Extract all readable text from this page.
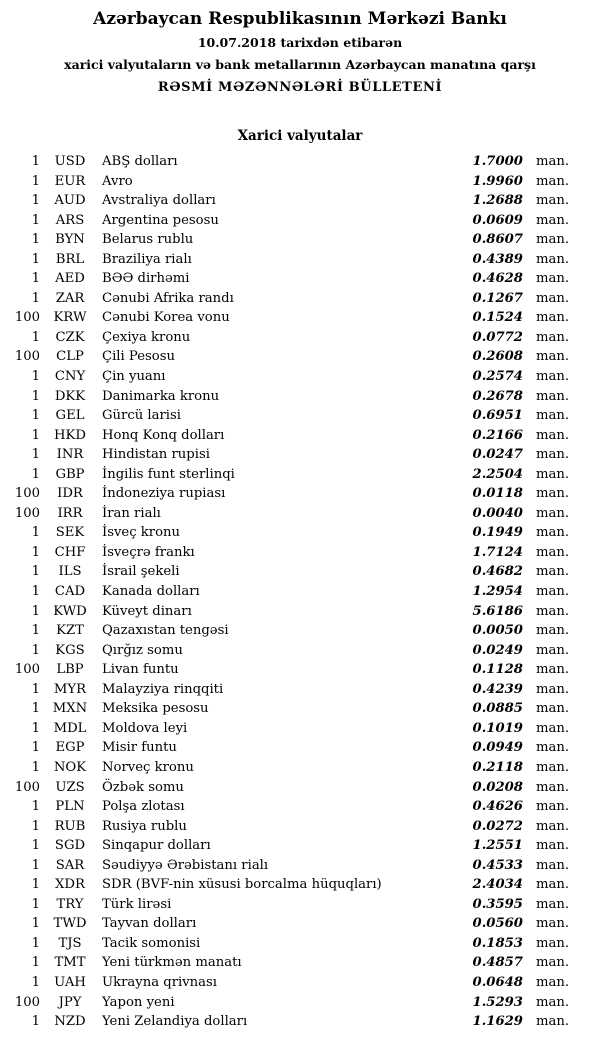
Azərbaycan Respublikasının Mərkəzi Bankı
10.07.2018 tarixdən etibarən
xarici valyutaların və bank metallarının Azərbaycan manatına qarşı
RƏSMİ MƏZƏNNƏLƏRİ BÜLLETENİ
Xarici valyutalar
1	USD	ABŞ dolları	1.7000 man.
1	EUR	Avro	1.9960 man.
1	AUD	Avstraliya dolları	1.2688 man.
1	ARS	Argentina pesosu	0.0609 man.
1	BYN	Belarus rublu	0.8607 man.
1	BRL	Braziliya rialı	0.4389 man.
1	AED	BƏƏ dirhəmi	0.4628 man.
1	ZAR	Cənubi Afrika randı	0.1267 man.
100	KRW	Cənubi Korea vonu	0.1524 man.
1	CZK	Çexiya kronu	0.0772 man.
100	CLP	Çili Pesosu	0.2608 man.
1	CNY	Çin yuanı	0.2574 man.
1	DKK	Danimarka kronu	0.2678 man.
1	GEL	Gürcü larisi	0.6951 man.
1	HKD	Honq Konq dolları	0.2166 man.
1	INR	Hindistan rupisi	0.0247 man.
1	GBP	İngilis funt sterlinqi	2.2504 man.
100	IDR	İndoneziya rupiası	0.0118 man.
100	IRR	İran rialı	0.0040 man.
1	SEK	İsveç kronu	0.1949 man.
1	CHF	İsveçrə frankı	1.7124 man.
1	ILS	İsrail şekeli	0.4682 man.
1	CAD	Kanada dolları	1.2954 man.
1	KWD	Küveyt dinarı	5.6186 man.
1	KZT	Qazaxıstan tengəsi	0.0050 man.
1	KGS	Qırğız somu	0.0249 man.
100	LBP	Livan funtu	0.1128 man.
1	MYR	Malayziya rinqqiti	0.4239 man.
1 MXN	Meksika pesosu	0.0885 man.
1	MDL	Moldova leyi	0.1019 man.
1	EGP	Misir funtu	0.0949 man.
1	NOK	Norveç kronu	0.2118 man.
100	UZS	Özbək somu	0.0208 man.
1	PLN	Polşa zlotası	0.4626 man.
1	RUB	Rusiya rublu	0.0272 man.
1	SGD	Sinqapur dolları	1.2551 man.
1	SAR	Səudiyyə Ərəbistanı rialı	0.4533 man.
1	XDR	SDR (BVF-nin xüsusi borcalma hüquqları)	2.4034 man.
1	TRY	Türk lirəsi	0.3595 man.
1	TWD	Tayvan dolları	0.0560 man.
1	TJS	Tacik somonisi	0.1853 man.
1	TMT	Yeni türkmən manatı	0.4857 man.
1	UAH	Ukrayna qrivnası	0.0648 man.
100	JPY	Yapon yeni	1.5293 man.
1	NZD	Yeni Zelandiya dolları	1.1629 man.
